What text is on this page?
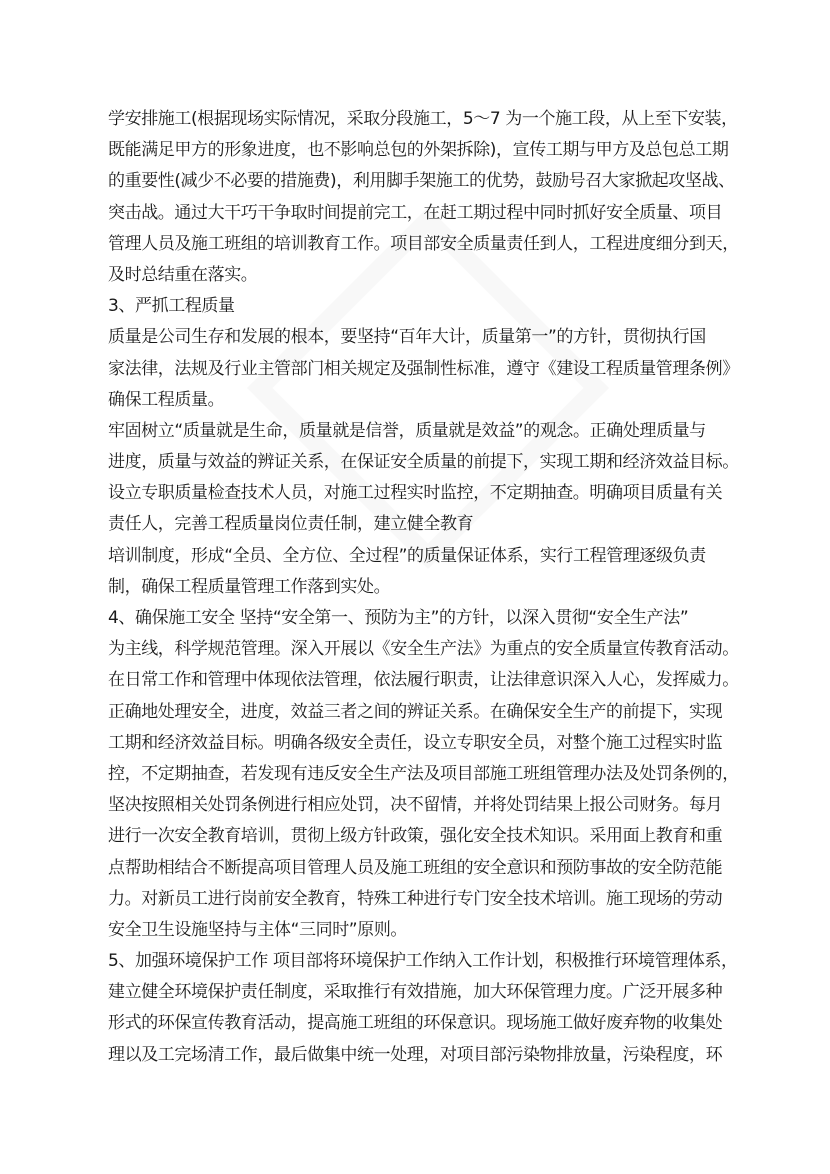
学安排施工(根据现场实际情况，采取分段施工，5～7 为一个施工段，从上至下安装，
既能满足甲方的形象进度，也不影响总包的外架拆除)，宣传工期与甲方及总包总工期
的重要性(减少不必要的措施费)，利用脚手架施工的优势，鼓励号召大家掀起攻坚战、
突击战。通过大干巧干争取时间提前完工，在赶工期过程中同时抓好安全质量、项目
管理人员及施工班组的培训教育工作。项目部安全质量责任到人，工程进度细分到天，
及时总结重在落实。
3、严抓工程质量
质量是公司生存和发展的根本，要坚持“百年大计，质量第一”的方针，贯彻执行国
家法律，法规及行业主管部门相关规定及强制性标准，遵守《建设工程质量管理条例》
确保工程质量。
牢固树立“质量就是生命，质量就是信誉，质量就是效益”的观念。正确处理质量与
进度，质量与效益的辨证关系，在保证安全质量的前提下，实现工期和经济效益目标。
设立专职质量检查技术人员，对施工过程实时监控，不定期抽查。明确项目质量有关
责任人，完善工程质量岗位责任制，建立健全教育
培训制度，形成“全员、全方位、全过程”的质量保证体系，实行工程管理逐级负责
制，确保工程质量管理工作落到实处。
4、确保施工安全 坚持“安全第一、预防为主”的方针，以深入贯彻“安全生产法”
为主线，科学规范管理。深入开展以《安全生产法》为重点的安全质量宣传教育活动。
在日常工作和管理中体现依法管理，依法履行职责，让法律意识深入人心，发挥威力。
正确地处理安全，进度，效益三者之间的辨证关系。在确保安全生产的前提下，实现
工期和经济效益目标。明确各级安全责任，设立专职安全员，对整个施工过程实时监
控，不定期抽查，若发现有违反安全生产法及项目部施工班组管理办法及处罚条例的，
坚决按照相关处罚条例进行相应处罚，决不留情，并将处罚结果上报公司财务。每月
进行一次安全教育培训，贯彻上级方针政策，强化安全技术知识。采用面上教育和重
点帮助相结合不断提高项目管理人员及施工班组的安全意识和预防事故的安全防范能
力。对新员工进行岗前安全教育，特殊工种进行专门安全技术培训。施工现场的劳动
安全卫生设施坚持与主体“三同时”原则。
5、加强环境保护工作 项目部将环境保护工作纳入工作计划，积极推行环境管理体系，
建立健全环境保护责任制度，采取推行有效措施，加大环保管理力度。广泛开展多种
形式的环保宣传教育活动，提高施工班组的环保意识。现场施工做好废弃物的收集处
理以及工完场清工作，最后做集中统一处理，对项目部污染物排放量，污染程度，环
